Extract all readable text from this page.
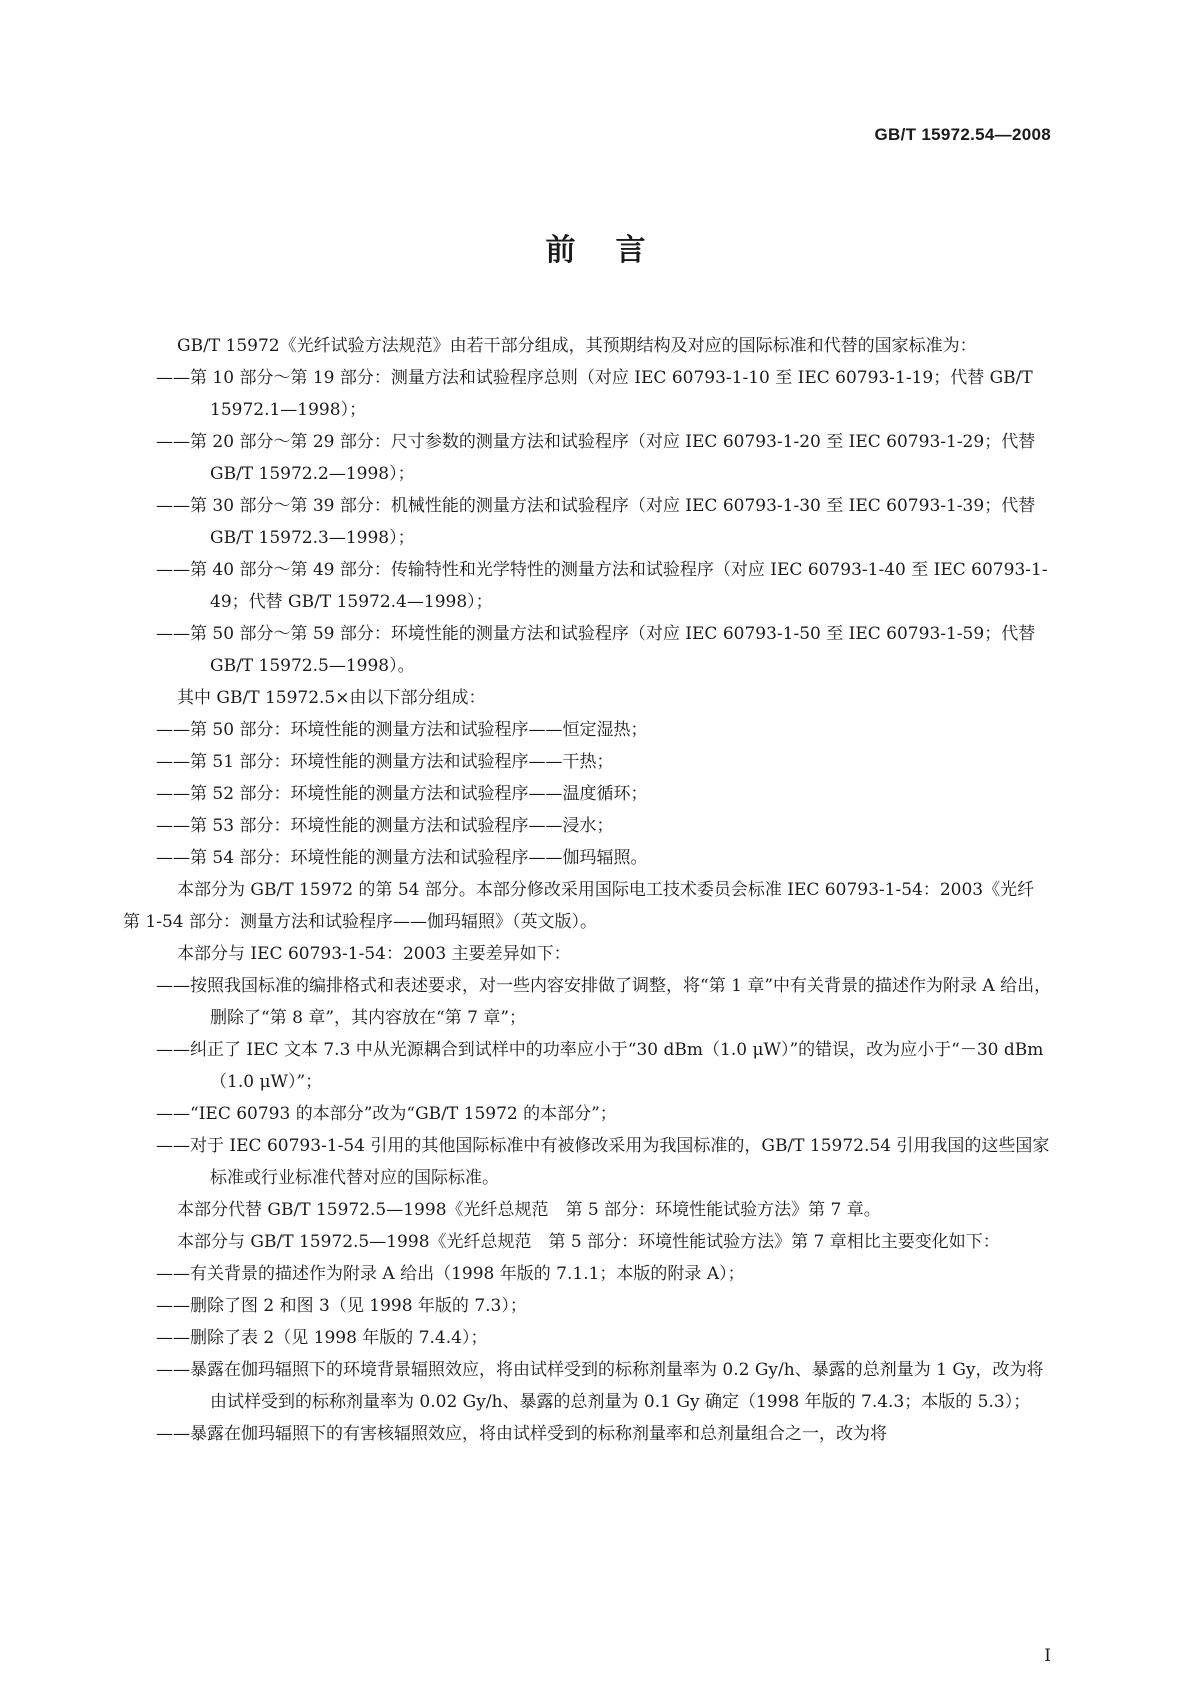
GB/T 15972.54—2008
前言

GB/T 15972《光纤试验方法规范》由若干部分组成，其预期结构及对应的国际标准和代替的国家标准为：

——第 10 部分～第 19 部分：测量方法和试验程序总则（对应 IEC 60793-1-10 至 IEC 60793-1-19；代替 GB/T 15972.1—1998）；

——第 20 部分～第 29 部分：尺寸参数的测量方法和试验程序（对应 IEC 60793-1-20 至 IEC 60793-1-29；代替 GB/T 15972.2—1998）；

——第 30 部分～第 39 部分：机械性能的测量方法和试验程序（对应 IEC 60793-1-30 至 IEC 60793-1-39；代替 GB/T 15972.3—1998）；

——第 40 部分～第 49 部分：传输特性和光学特性的测量方法和试验程序（对应 IEC 60793-1-40 至 IEC 60793-1-49；代替 GB/T 15972.4—1998）；

——第 50 部分～第 59 部分：环境性能的测量方法和试验程序（对应 IEC 60793-1-50 至 IEC 60793-1-59；代替 GB/T 15972.5—1998）。

其中 GB/T 15972.5×由以下部分组成：

——第 50 部分：环境性能的测量方法和试验程序——恒定湿热；

——第 51 部分：环境性能的测量方法和试验程序——干热；

——第 52 部分：环境性能的测量方法和试验程序——温度循环；

——第 53 部分：环境性能的测量方法和试验程序——浸水；

——第 54 部分：环境性能的测量方法和试验程序——伽玛辐照。

本部分为 GB/T 15972 的第 54 部分。本部分修改采用国际电工技术委员会标准 IEC 60793-1-54：2003《光纤　第 1-54 部分：测量方法和试验程序——伽玛辐照》（英文版）。

本部分与 IEC 60793-1-54：2003 主要差异如下：

——按照我国标准的编排格式和表述要求，对一些内容安排做了调整，将“第 1 章”中有关背景的描述作为附录 A 给出，删除了“第 8 章”，其内容放在“第 7 章”；

——纠正了 IEC 文本 7.3 中从光源耦合到试样中的功率应小于“30 dBm（1.0 μW）”的错误，改为应小于“－30 dBm（1.0 μW）”；

——“IEC 60793 的本部分”改为“GB/T 15972 的本部分”；

——对于 IEC 60793-1-54 引用的其他国际标准中有被修改采用为我国标准的，GB/T 15972.54 引用我国的这些国家标准或行业标准代替对应的国际标准。

本部分代替 GB/T 15972.5—1998《光纤总规范　第 5 部分：环境性能试验方法》第 7 章。

本部分与 GB/T 15972.5—1998《光纤总规范　第 5 部分：环境性能试验方法》第 7 章相比主要变化如下：

——有关背景的描述作为附录 A 给出（1998 年版的 7.1.1；本版的附录 A）；

——删除了图 2 和图 3（见 1998 年版的 7.3）；

——删除了表 2（见 1998 年版的 7.4.4）；

——暴露在伽玛辐照下的环境背景辐照效应，将由试样受到的标称剂量率为 0.2 Gy/h、暴露的总剂量为 1 Gy，改为将由试样受到的标称剂量率为 0.02 Gy/h、暴露的总剂量为 0.1 Gy 确定（1998 年版的 7.4.3；本版的 5.3）；

——暴露在伽玛辐照下的有害核辐照效应，将由试样受到的标称剂量率和总剂量组合之一，改为将

I
